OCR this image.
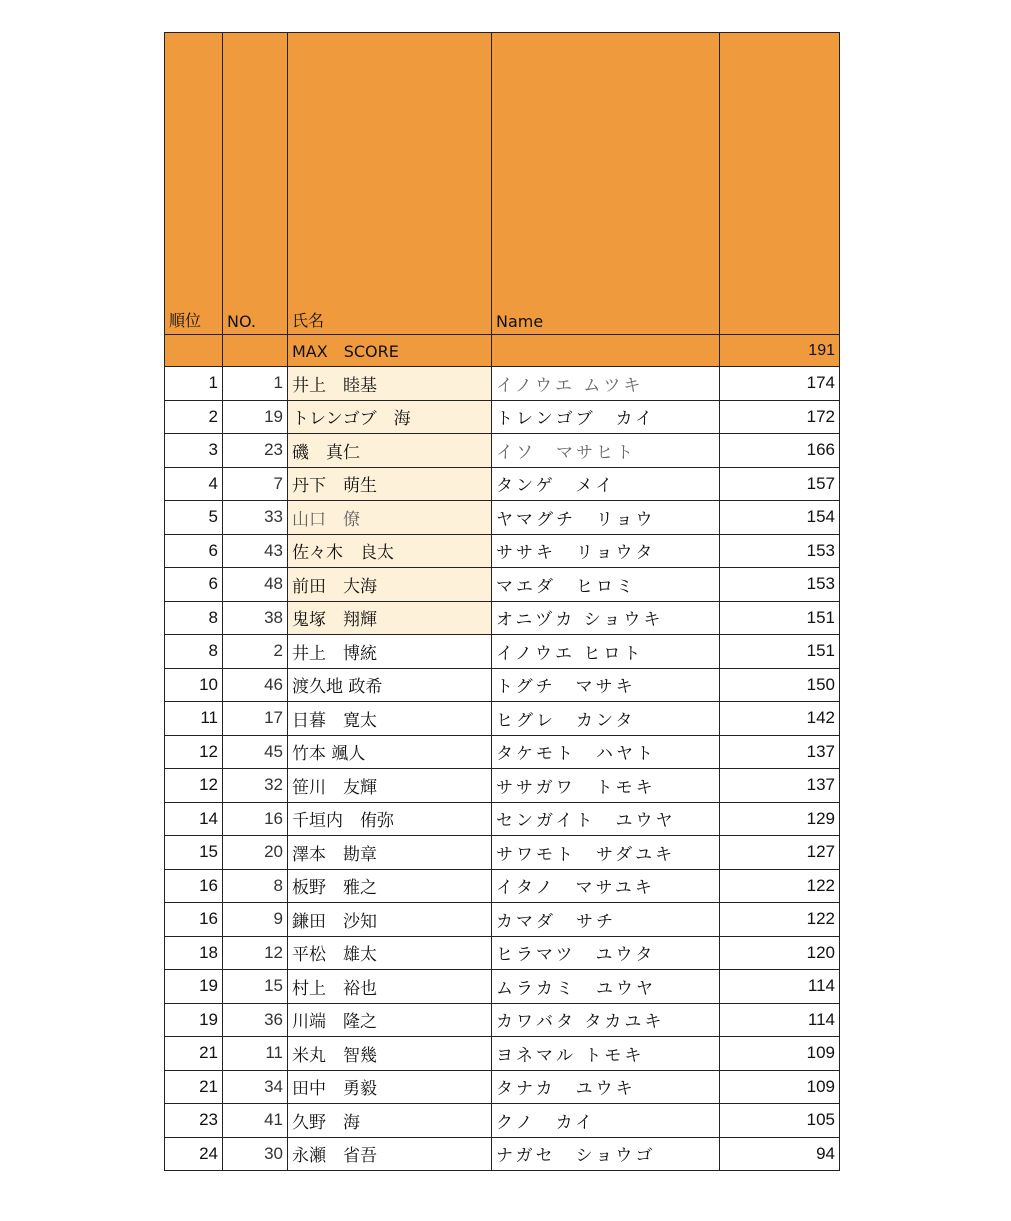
順位	NO.	氏名	Name	
		MAX　SCORE		191
1	1	井上　睦基	イノウエ ムツキ	174
2	19	トレンゴブ　海	トレンゴブ　カイ	172
3	23	磯　真仁	イソ　マサヒト	166
4	7	丹下　萌生	タンゲ　メイ	157
5	33	山口　僚	ヤマグチ　リョウ	154
6	43	佐々木　良太	ササキ　リョウタ	153
6	48	前田　大海	マエダ　ヒロミ	153
8	38	鬼塚　翔輝	オニヅカ ショウキ	151
8	2	井上　博統	イノウエ ヒロト	151
10	46	渡久地 政希	トグチ　マサキ	150
11	17	日暮　寛太	ヒグレ　カンタ	142
12	45	竹本 颯人	タケモト　ハヤト	137
12	32	笹川　友輝	ササガワ　トモキ	137
14	16	千垣内　侑弥	センガイト　ユウヤ	129
15	20	澤本　勘章	サワモト　サダユキ	127
16	8	板野　雅之	イタノ　マサユキ	122
16	9	鎌田　沙知	カマダ　サチ	122
18	12	平松　雄太	ヒラマツ　ユウタ	120
19	15	村上　裕也	ムラカミ　ユウヤ	114
19	36	川端　隆之	カワバタ タカユキ	114
21	11	米丸　智幾	ヨネマル トモキ	109
21	34	田中　勇毅	タナカ　ユウキ	109
23	41	久野　海	クノ　カイ	105
24	30	永瀬　省吾	ナガセ　ショウゴ	94
